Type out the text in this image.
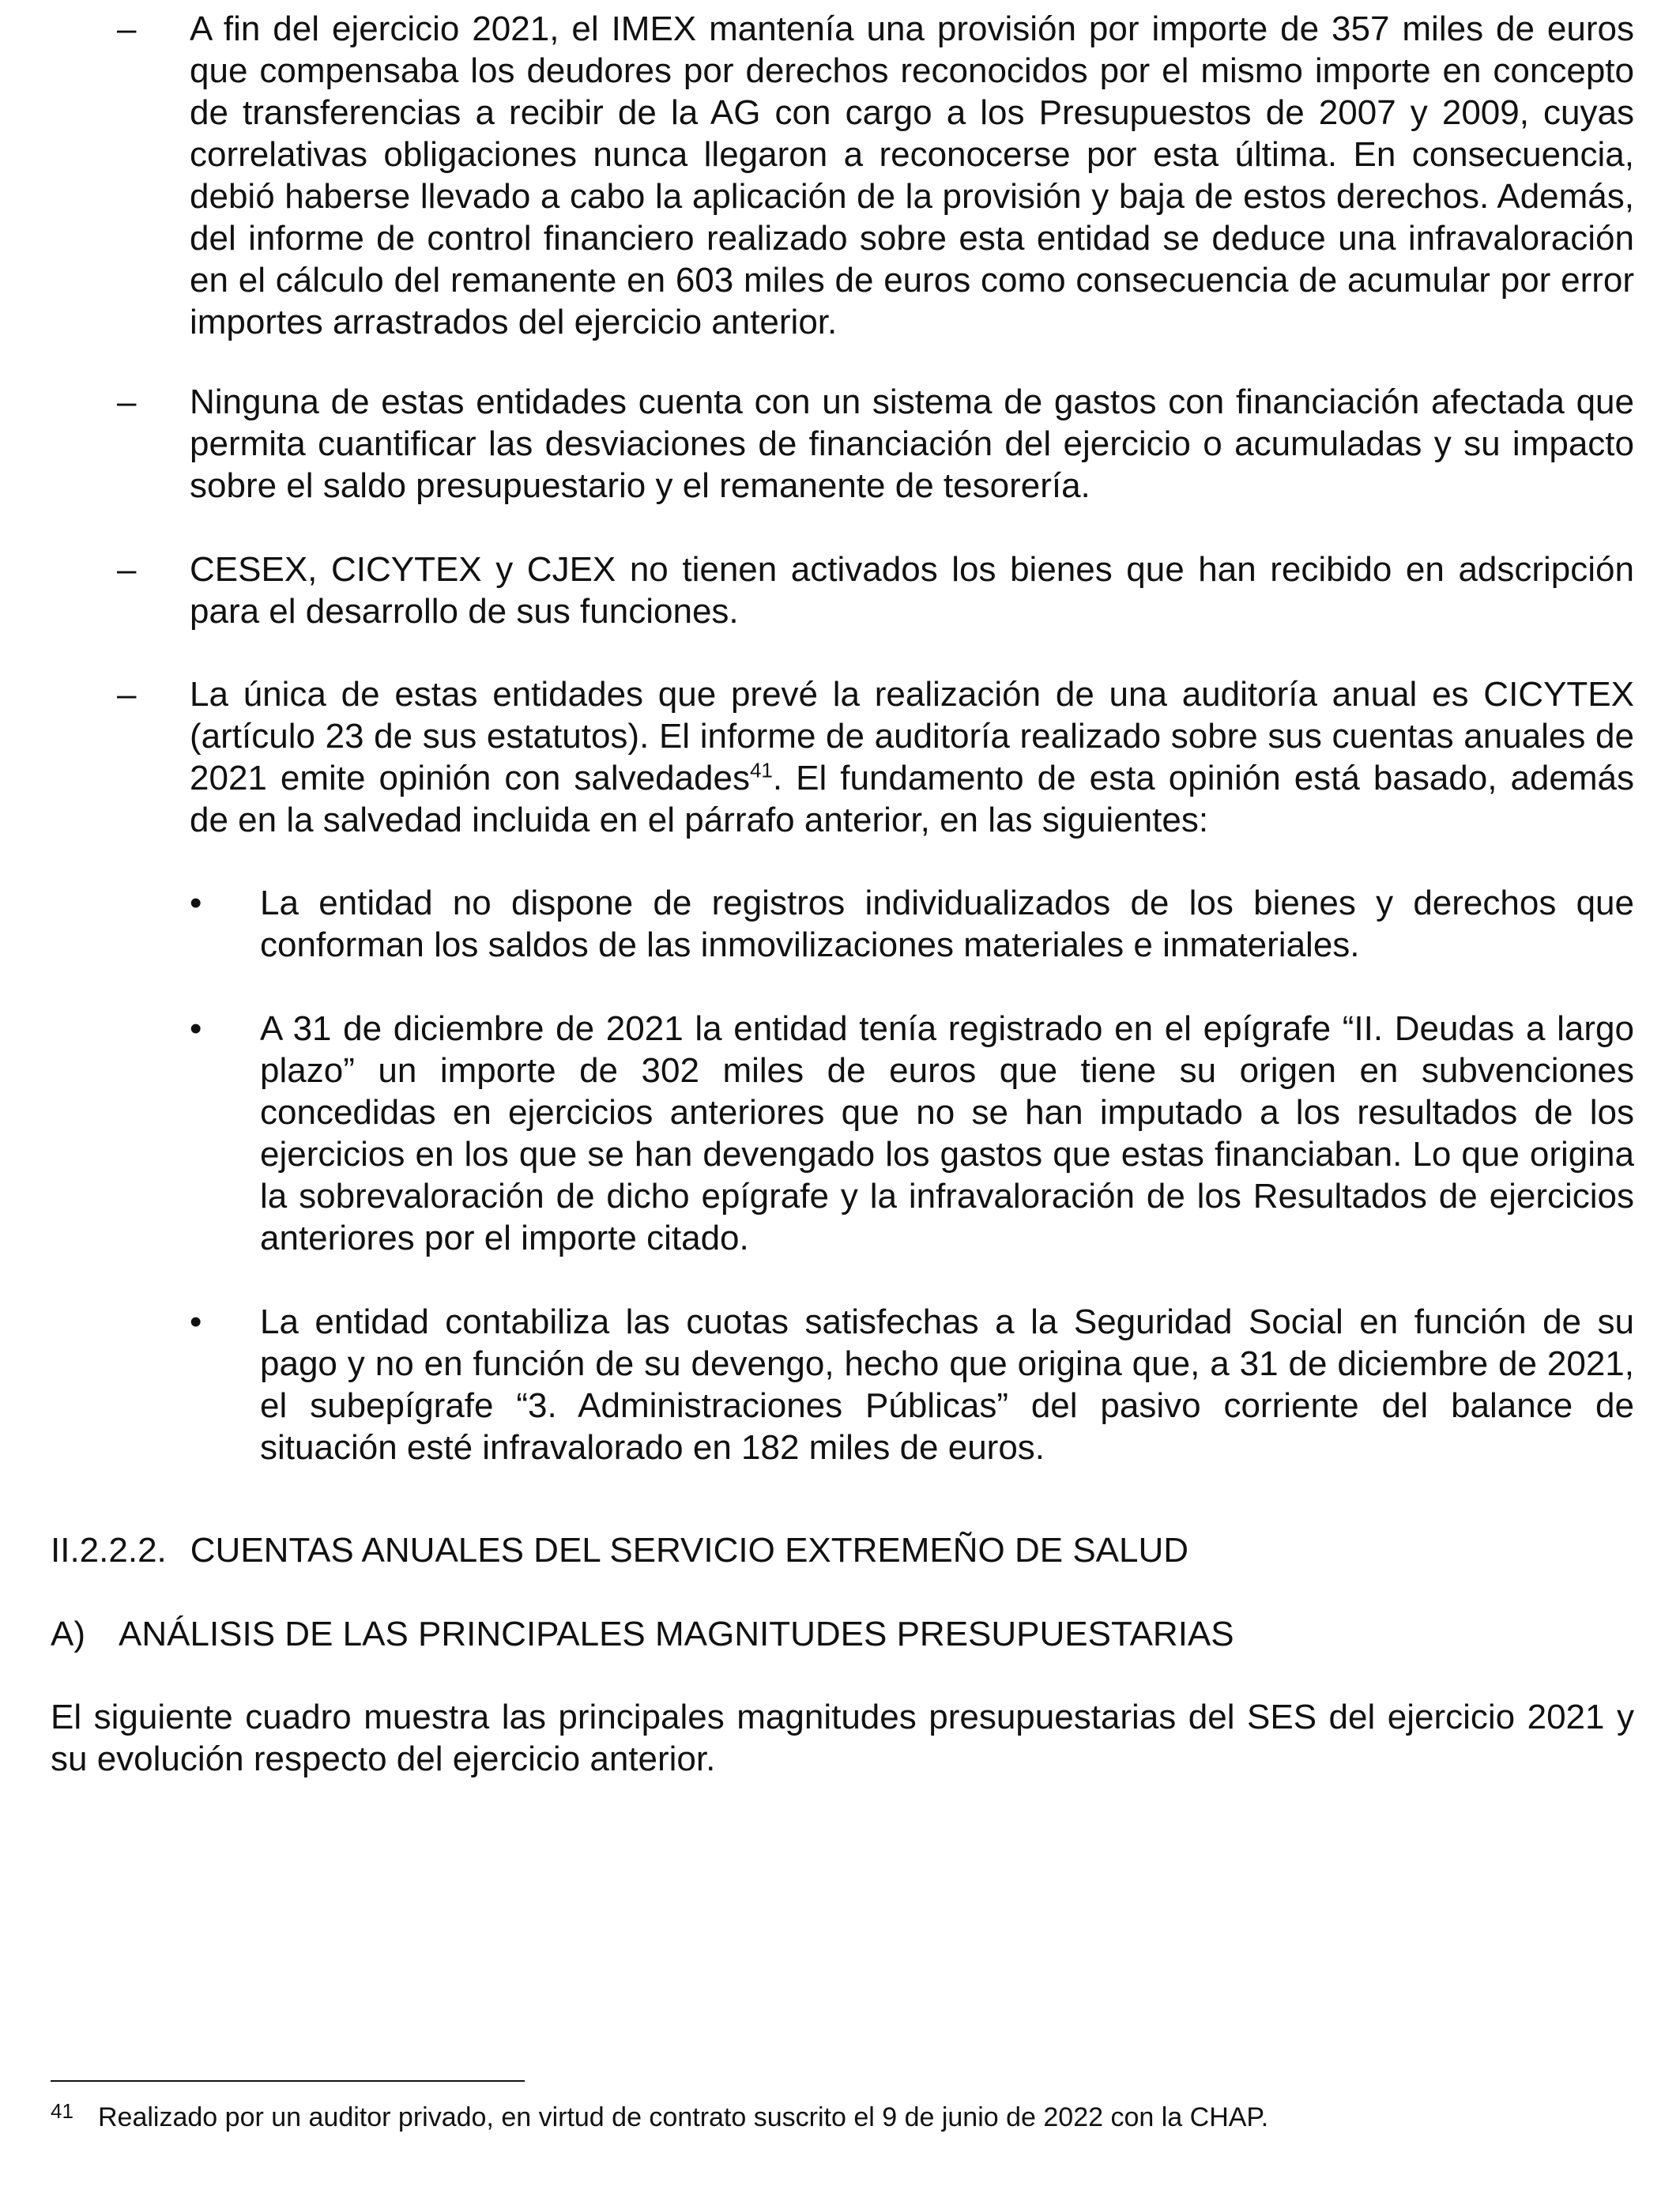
–	A fin del ejercicio 2021, el IMEX mantenía una provisión por importe de 357 miles de euros que compensaba los deudores por derechos reconocidos por el mismo importe en concepto de transferencias a recibir de la AG con cargo a los Presupuestos de 2007 y 2009, cuyas correlativas obligaciones nunca llegaron a reconocerse por esta última. En consecuencia, debió haberse llevado a cabo la aplicación de la provisión y baja de estos derechos. Además, del informe de control financiero realizado sobre esta entidad se deduce una infravaloración en el cálculo del remanente en 603 miles de euros como consecuencia de acumular por error importes arrastrados del ejercicio anterior.

–	Ninguna de estas entidades cuenta con un sistema de gastos con financiación afectada que permita cuantificar las desviaciones de financiación del ejercicio o acumuladas y su impacto sobre el saldo presupuestario y el remanente de tesorería.

–	CESEX, CICYTEX y CJEX no tienen activados los bienes que han recibido en adscripción para el desarrollo de sus funciones.

–	La única de estas entidades que prevé la realización de una auditoría anual es CICYTEX (artículo 23 de sus estatutos). El informe de auditoría realizado sobre sus cuentas anuales de 2021 emite opinión con salvedades$^{41}$. El fundamento de esta opinión está basado, además de en la salvedad incluida en el párrafo anterior, en las siguientes:

• La entidad no dispone de registros individualizados de los bienes y derechos que conforman los saldos de las inmovilizaciones materiales e inmateriales.

• A 31 de diciembre de 2021 la entidad tenía registrado en el epígrafe “II. Deudas a largo plazo” un importe de 302 miles de euros que tiene su origen en subvenciones concedidas en ejercicios anteriores que no se han imputado a los resultados de los ejercicios en los que se han devengado los gastos que estas financiaban. Lo que origina la sobrevaloración de dicho epígrafe y la infravaloración de los Resultados de ejercicios anteriores por el importe citado.

• La entidad contabiliza las cuotas satisfechas a la Seguridad Social en función de su pago y no en función de su devengo, hecho que origina que, a 31 de diciembre de 2021, el subepígrafe “3. Administraciones Públicas” del pasivo corriente del balance de situación esté infravalorado en 182 miles de euros.

II.2.2.2. CUENTAS ANUALES DEL SERVICIO EXTREMEÑO DE SALUD
A) ANÁLISIS DE LAS PRINCIPALES MAGNITUDES PRESUPUESTARIAS

El siguiente cuadro muestra las principales magnitudes presupuestarias del SES del ejercicio 2021 y su evolución respecto del ejercicio anterior.

41 Realizado por un auditor privado, en virtud de contrato suscrito el 9 de junio de 2022 con la CHAP.
